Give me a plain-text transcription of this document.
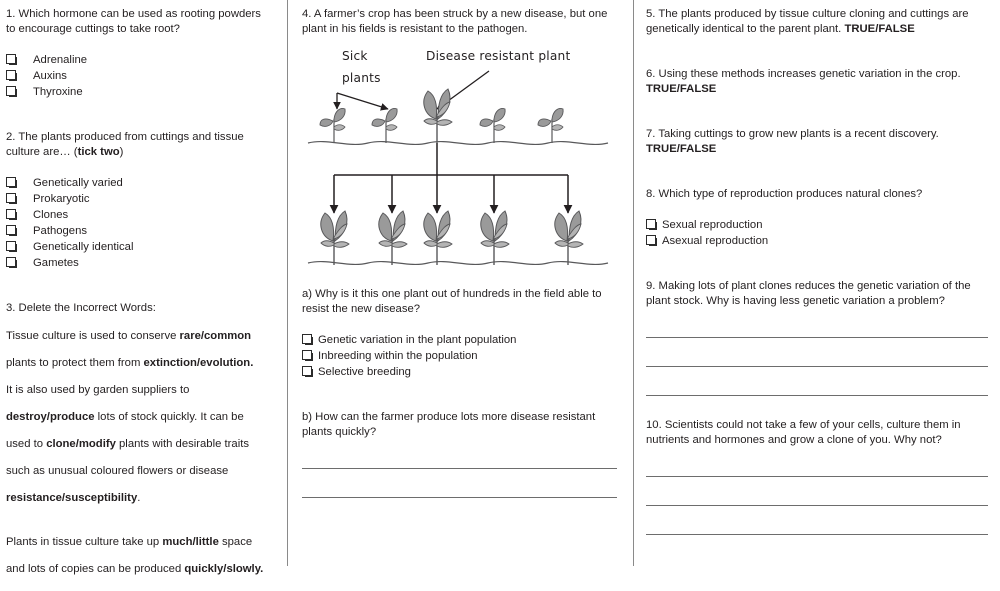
1. Which hormone can be used as rooting powders to encourage cuttings to take root?
Adrenaline
Auxins
Thyroxine
2. The plants produced from cuttings and tissue culture are… (tick two)
Genetically varied
Prokaryotic
Clones
Pathogens
Genetically identical
Gametes
3. Delete the Incorrect Words:
Tissue culture is used to conserve rare/common
plants to protect them from extinction/evolution.
It is also used by garden suppliers to
destroy/produce lots of stock quickly. It can be
used to clone/modify plants with desirable traits
such as unusual coloured flowers or disease
resistance/susceptibility.

Plants in tissue culture take up much/little space
and lots of copies can be produced quickly/slowly.
4. A farmer’s crop has been struck by a new disease, but one plant in his fields is resistant to the pathogen.
Sick
plants
Disease resistant plant
a) Why is it this one plant out of hundreds in the field able to resist the new disease?
Genetic variation in the plant population
Inbreeding within the population
Selective breeding
b) How can the farmer produce lots more disease resistant plants quickly?
5. The plants produced by tissue culture cloning and cuttings are genetically identical to the parent plant. TRUE/FALSE
6. Using these methods increases genetic variation in the crop.
TRUE/FALSE
7. Taking cuttings to grow new plants is a recent discovery.
TRUE/FALSE
8. Which type of reproduction produces natural clones?
Sexual reproduction
Asexual reproduction
9. Making lots of plant clones reduces the genetic variation of the plant stock. Why is having less genetic variation a problem?
10. Scientists could not take a few of your cells, culture them in nutrients and hormones and grow a clone of you. Why not?
